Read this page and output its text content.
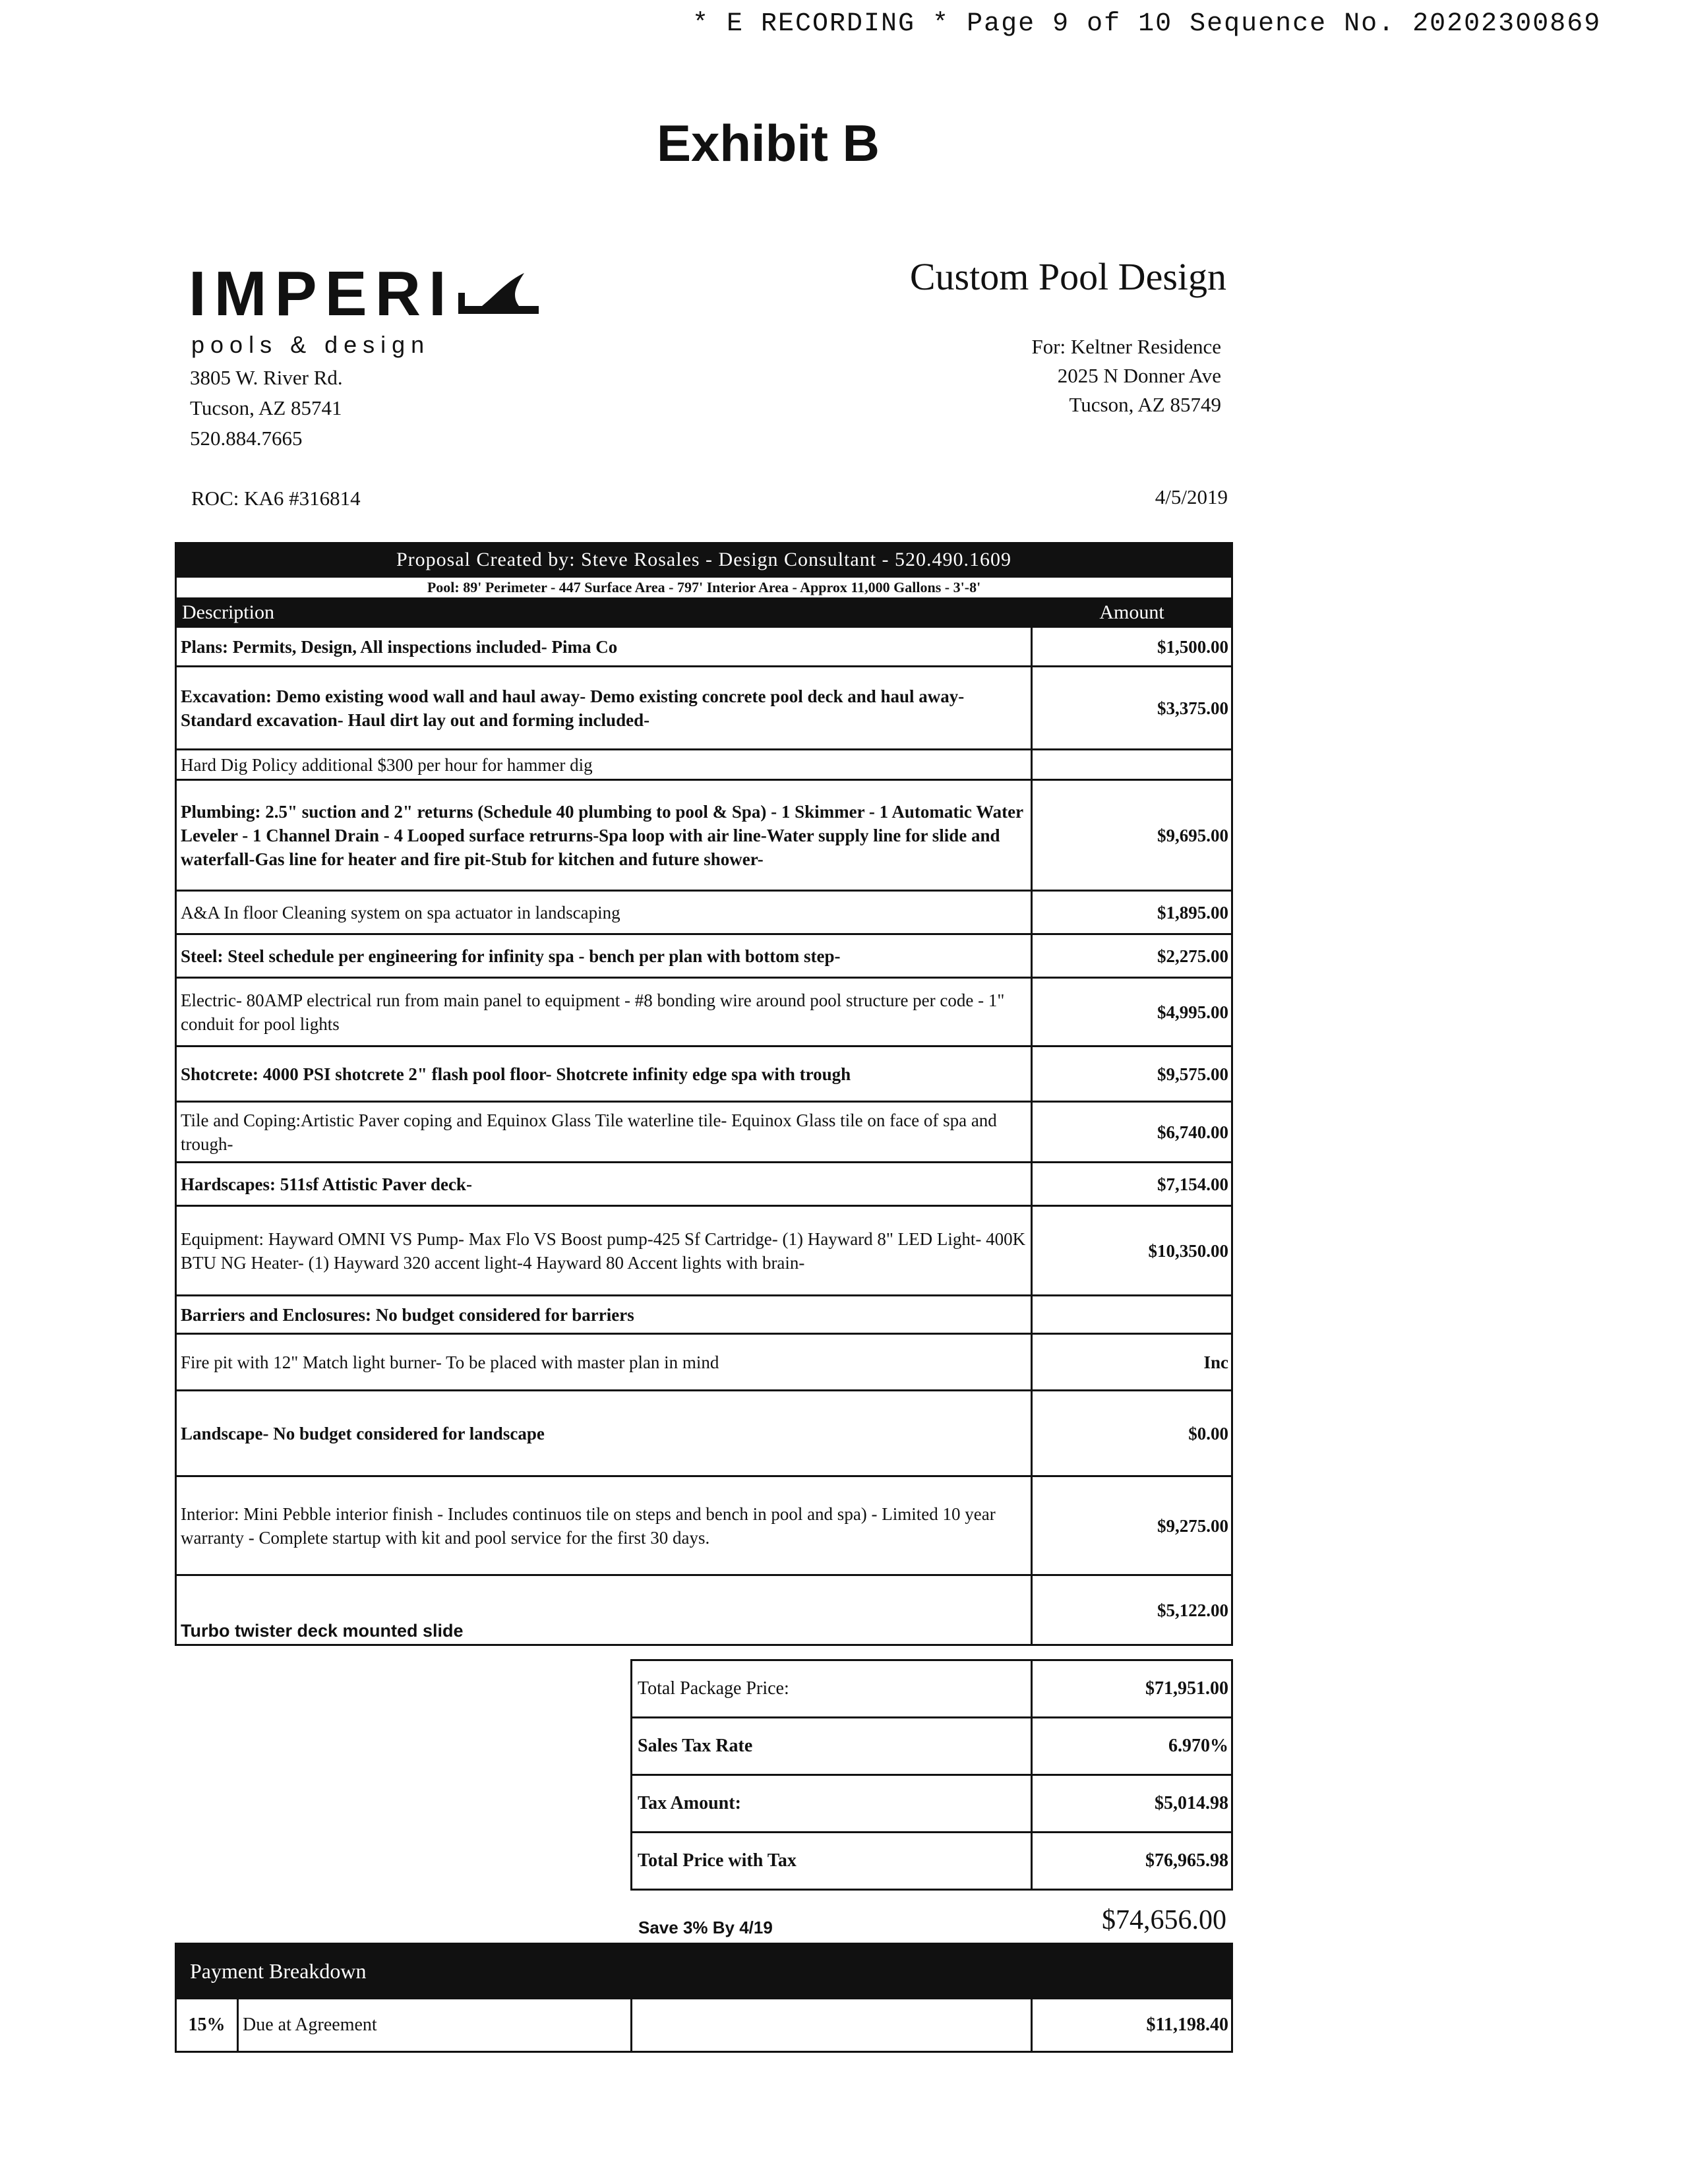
* E RECORDING * Page 9 of 10 Sequence No. 20202300869
Exhibit B
IMPERI
pools & design
3805 W. River Rd.
Tucson, AZ 85741
520.884.7665
Custom Pool Design
For: Keltner Residence
2025 N Donner Ave
Tucson, AZ 85749
ROC: KA6 #316814	4/5/2019
Proposal Created by: Steve Rosales - Design Consultant - 520.490.1609	
Pool: 89' Perimeter - 447 Surface Area - 797' Interior Area - Approx 11,000 Gallons - 3'-8'	
Description	Amount
Plans: Permits, Design, All inspections included- Pima Co	$1,500.00
Excavation: Demo existing wood wall and haul away- Demo existing concrete pool deck and haul away-Standard excavation- Haul dirt lay out and forming included-	$3,375.00
Hard Dig Policy additional $300 per hour for hammer dig	
Plumbing: 2.5" suction and 2" returns (Schedule 40 plumbing to pool & Spa) - 1 Skimmer - 1 Automatic Water Leveler - 1 Channel Drain - 4 Looped surface retrurns-Spa loop with air line-Water supply line for slide and waterfall-Gas line for heater and fire pit-Stub for kitchen and future shower-	$9,695.00
A&A In floor Cleaning system on spa actuator in landscaping	$1,895.00
Steel: Steel schedule per engineering for infinity spa - bench per plan with bottom step-	$2,275.00
Electric- 80AMP electrical run from main panel to equipment - #8 bonding wire around pool structure per code - 1" conduit for pool lights	$4,995.00
Shotcrete: 4000 PSI shotcrete 2" flash pool floor- Shotcrete infinity edge spa with trough	$9,575.00
Tile and Coping:Artistic Paver coping and Equinox Glass Tile waterline tile- Equinox Glass tile on face of spa and trough-	$6,740.00
Hardscapes: 511sf Attistic Paver deck-	$7,154.00
Equipment: Hayward OMNI VS Pump- Max Flo VS Boost pump-425 Sf Cartridge- (1) Hayward 8" LED Light- 400K BTU NG Heater- (1) Hayward 320 accent light-4 Hayward 80 Accent lights with brain-	$10,350.00
Barriers and Enclosures: No budget considered for barriers	
Fire pit with 12" Match light burner- To be placed with master plan in mind	Inc
Landscape- No budget considered for landscape	$0.00
Interior: Mini Pebble interior finish - Includes continuos tile on steps and bench in pool and spa) - Limited 10 year warranty - Complete startup with kit and pool service for the first 30 days.	$9,275.00
Turbo twister deck mounted slide	$5,122.00
Total Package Price:	$71,951.00
Sales Tax Rate	6.970%
Tax Amount:	$5,014.98
Total Price with Tax	$76,965.98
Save 3% By 4/19	$74,656.00
Payment Breakdown
15%	Due at Agreement		$11,198.40
